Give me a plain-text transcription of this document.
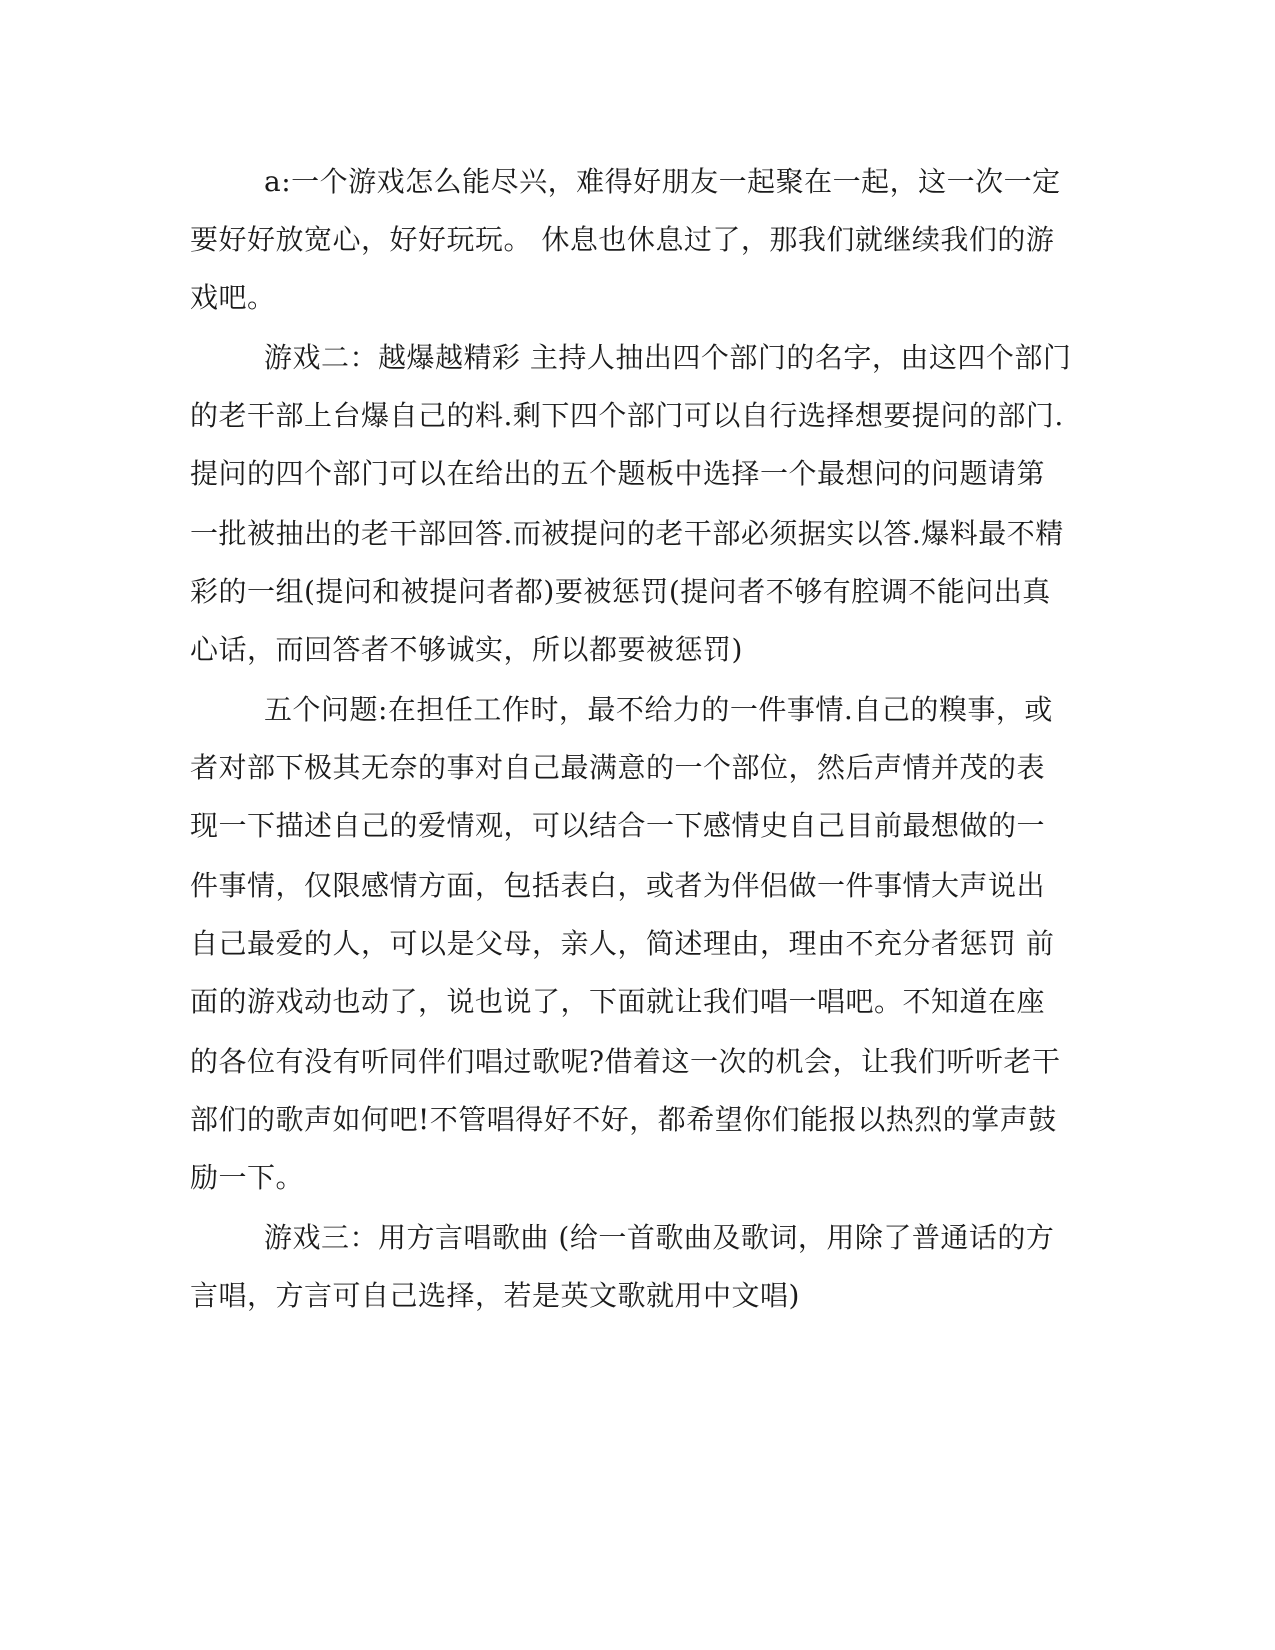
a:一个游戏怎么能尽兴，难得好朋友一起聚在一起，这一次一定
要好好放宽心，好好玩玩。 休息也休息过了，那我们就继续我们的游
戏吧。
游戏二：越爆越精彩 主持人抽出四个部门的名字，由这四个部门
的老干部上台爆自己的料.剩下四个部门可以自行选择想要提问的部门.
提问的四个部门可以在给出的五个题板中选择一个最想问的问题请第
一批被抽出的老干部回答.而被提问的老干部必须据实以答.爆料最不精
彩的一组(提问和被提问者都)要被惩罚(提问者不够有腔调不能问出真
心话，而回答者不够诚实，所以都要被惩罚)
五个问题:在担任工作时，最不给力的一件事情.自己的糗事，或
者对部下极其无奈的事对自己最满意的一个部位，然后声情并茂的表
现一下描述自己的爱情观，可以结合一下感情史自己目前最想做的一
件事情，仅限感情方面，包括表白，或者为伴侣做一件事情大声说出
自己最爱的人，可以是父母，亲人，简述理由，理由不充分者惩罚 前
面的游戏动也动了，说也说了，下面就让我们唱一唱吧。不知道在座
的各位有没有听同伴们唱过歌呢?借着这一次的机会，让我们听听老干
部们的歌声如何吧!不管唱得好不好，都希望你们能报以热烈的掌声鼓
励一下。
游戏三：用方言唱歌曲 (给一首歌曲及歌词，用除了普通话的方
言唱，方言可自己选择，若是英文歌就用中文唱)
